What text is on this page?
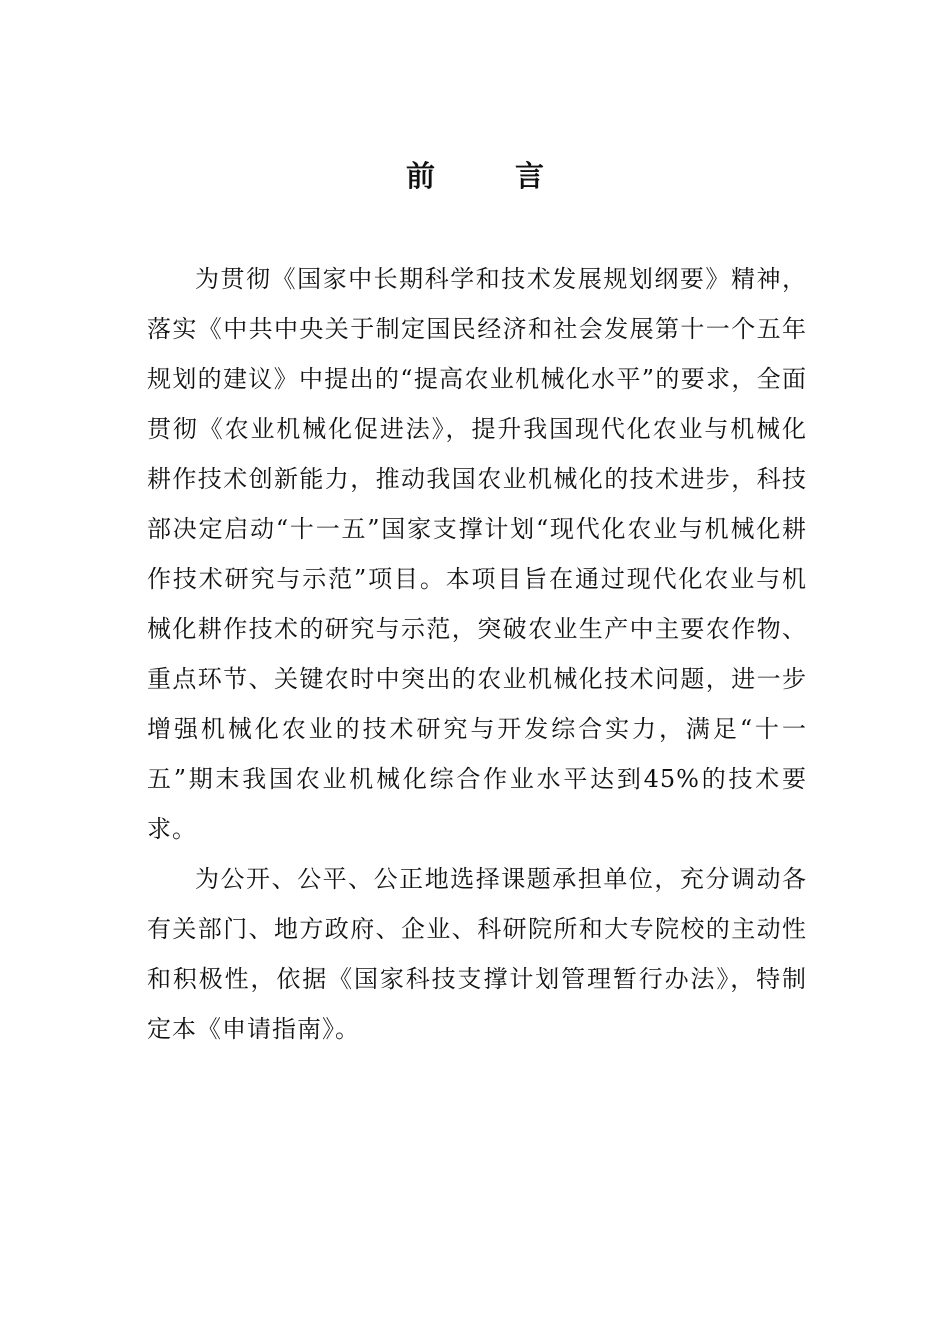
前言

为贯彻《国家中长期科学和技术发展规划纲要》精神，落实《中共中央关于制定国民经济和社会发展第十一个五年规划的建议》中提出的“提高农业机械化水平”的要求，全面贯彻《农业机械化促进法》，提升我国现代化农业与机械化耕作技术创新能力，推动我国农业机械化的技术进步，科技部决定启动“十一五”国家支撑计划“现代化农业与机械化耕作技术研究与示范”项目。本项目旨在通过现代化农业与机械化耕作技术的研究与示范，突破农业生产中主要农作物、重点环节、关键农时中突出的农业机械化技术问题，进一步增强机械化农业的技术研究与开发综合实力，满足“十一五”期末我国农业机械化综合作业水平达到45%的技术要求。

为公开、公平、公正地选择课题承担单位，充分调动各有关部门、地方政府、企业、科研院所和大专院校的主动性和积极性，依据《国家科技支撑计划管理暂行办法》，特制定本《申请指南》。
